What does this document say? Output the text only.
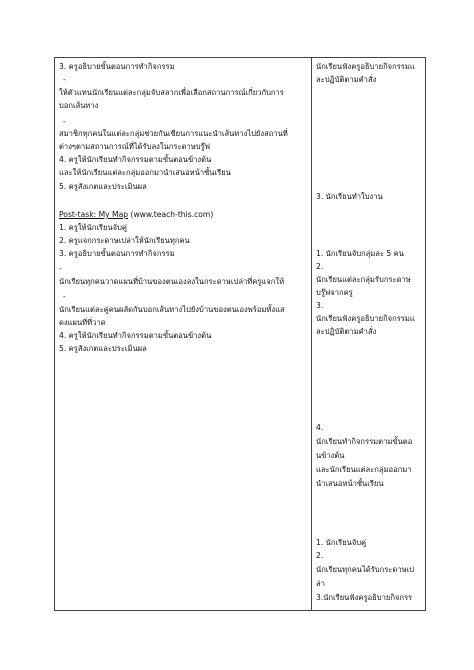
3. ครูอธิบายขั้นตอนการทำกิจกรรม
-
ให้ตัวแทนนักเรียนแต่ละกลุ่มจับสลากเพื่อเลือกสถานการณ์เกี่ยวกับการ
บอกเส้นทาง
-
สมาชิกทุกคนในแต่ละกลุ่มช่วยกันเขียนการแนะนำเส้นทางไปยังสถานที่
ต่างๆตามสถานการณ์ที่ได้รับลงในกระดาษบรู๊ฟ
4. ครูให้นักเรียนทำกิจกรรมตามขั้นตอนข้างต้น
และให้นักเรียนแต่ละกลุ่มออกมานำเสนอหน้าชั้นเรียน
5. ครูสังเกตและประเมินผล
Post-task: My Map (www.teach-this.com)
1. ครูให้นักเรียนจับคู่
2. ครูแจกกระดาษเปล่าให้นักเรียนทุกคน
3. ครูอธิบายขั้นตอนการทำกิจกรรม
-
นักเรียนทุกคนวาดแผนที่บ้านของตนเองลงในกระดาษเปล่าที่ครูแจกให้
-
นักเรียนแต่ละคู่คนผลัดกันบอกเส้นทางไปยังบ้านของตนเองพร้อมทั้งแส
ดงแผนที่ที่วาด
4. ครูให้นักเรียนทำกิจกรรมตามขั้นตอนข้างต้น
5. ครูสังเกตและประเมินผล
นักเรียนฟังครูอธิบายกิจกรรมแ
ละปฏิบัติตามคำสั่ง
3. นักเรียนทำใบงาน
1. นักเรียนจับกลุ่มละ 5 คน
2.
นักเรียนแต่ละกลุ่มรับกระดาษ
บรู๊ฟจากครู
3.
นักเรียนฟังครูอธิบายกิจกรรมแ
ละปฏิบัติตามคำสั่ง
4.
นักเรียนทำกิจกรรมตามขั้นตอ
นข้างต้น
และนักเรียนแต่ละกลุ่มออกมา
นำเสนอหน้าชั้นเรียน
1. นักเรียนจับคู่
2.
นักเรียนทุกคนได้รับกระดาษเป
ล่า
3.นักเรียนฟังครูอธิบายกิจกรร
